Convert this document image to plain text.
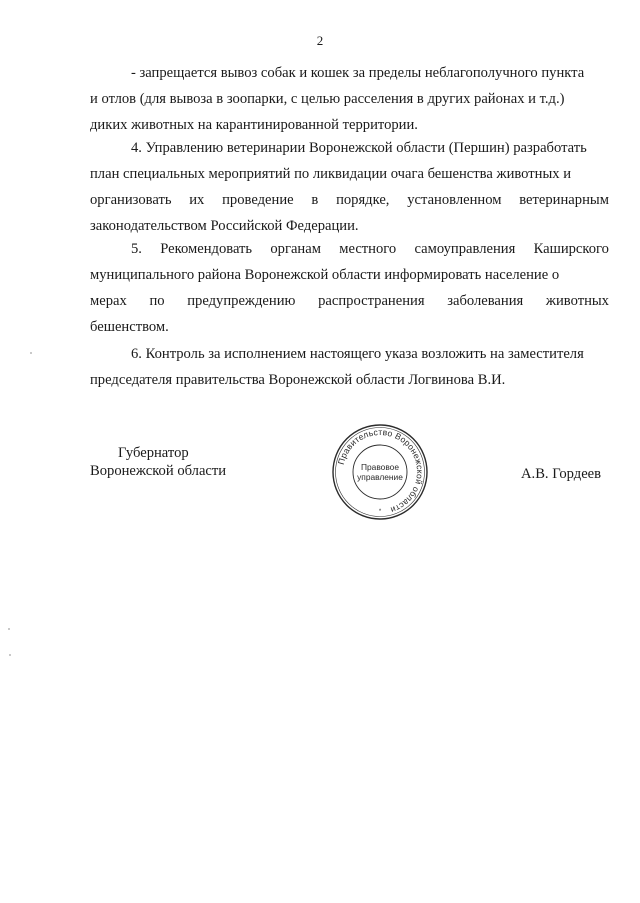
2
- запрещается вывоз собак и кошек за пределы неблагополучного пункта
и отлов (для вывоза в зоопарки, с целью расселения в других районах и т.д.)
диких животных на карантинированной территории.
4. Управлению ветеринарии Воронежской области (Першин) разработать
план специальных мероприятий по ликвидации очага бешенства животных и
организовать их проведение в порядке, установленном ветеринарным
законодательством Российской Федерации.
5. Рекомендовать органам местного самоуправления Каширского
муниципального района Воронежской области информировать население о
мерах по предупреждению распространения заболевания животных
бешенством.
6. Контроль за исполнением настоящего указа возложить на заместителя
председателя правительства Воронежской области Логвинова В.И.
Губернатор
Воронежской области	А.В. Гордеев
Правительство Воронежской области
Правовое
управление
*
